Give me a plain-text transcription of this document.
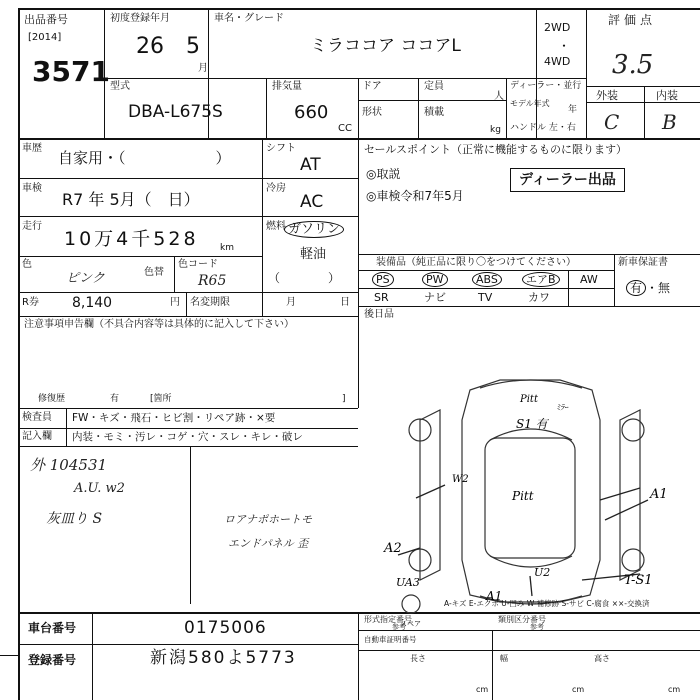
出品番号
[2014]
3571
初度登録年月
26 5
月
車名・グレード
ミラココア ココアL
2WD
・
4WD
評価点
3.5
外装	内装
C B
型式
DBA-L675S
排気量
660
CC
ドア	定員
人
形状	積載
kg
ディーラー・並行
モデル年式
年
ハンドル 左・右
車歴
自家用・（　　　　　　）
シフト
AT
車検
R7 年 5月（　日）
冷房
AC
走行
10万4千528 km
燃料 ガソリン
軽油
（　　　　）
色
ピンク	色替
色コード
R65
R券 8,140	円 名変期限	月	日
セールスポイント（正常に機能するものに限ります）
◎取説
◎車検令和7年5月
ディーラー出品
装備品（純正品に限り〇をつけてください）
PS	PW	ABS	エアB	AW
SR	ナビ	TV	カワ
新車保証書
有 ・無
後日品
注意事項申告欄（不具合内容等は具体的に記入して下さい）
修復歴	有	[箇所	]
検査員 FW・キズ・飛石・ヒビ割・リペア跡・×要
記入欄 内装・モミ・汚レ・コゲ・穴・スレ・キレ・破レ
外 104531
A.U. w2
灰皿り S	ロアナポホートモ
エンドパネル 歪
Pitt
ﾐﾗｰ
S1 有
W2
Pitt	A1
A2
UA3
U2
A1
T-S1
スペア
A-キズ E-エクボ U-凹み W-補修跡 S-サビ C-腐食 ××-交換済
車台番号	0175006
登録番号	新潟580よ5773
形式指定番号
参考
類別区分番号
参考
自動車証明番号
長さ	幅	高さ
cm	cm	cm
